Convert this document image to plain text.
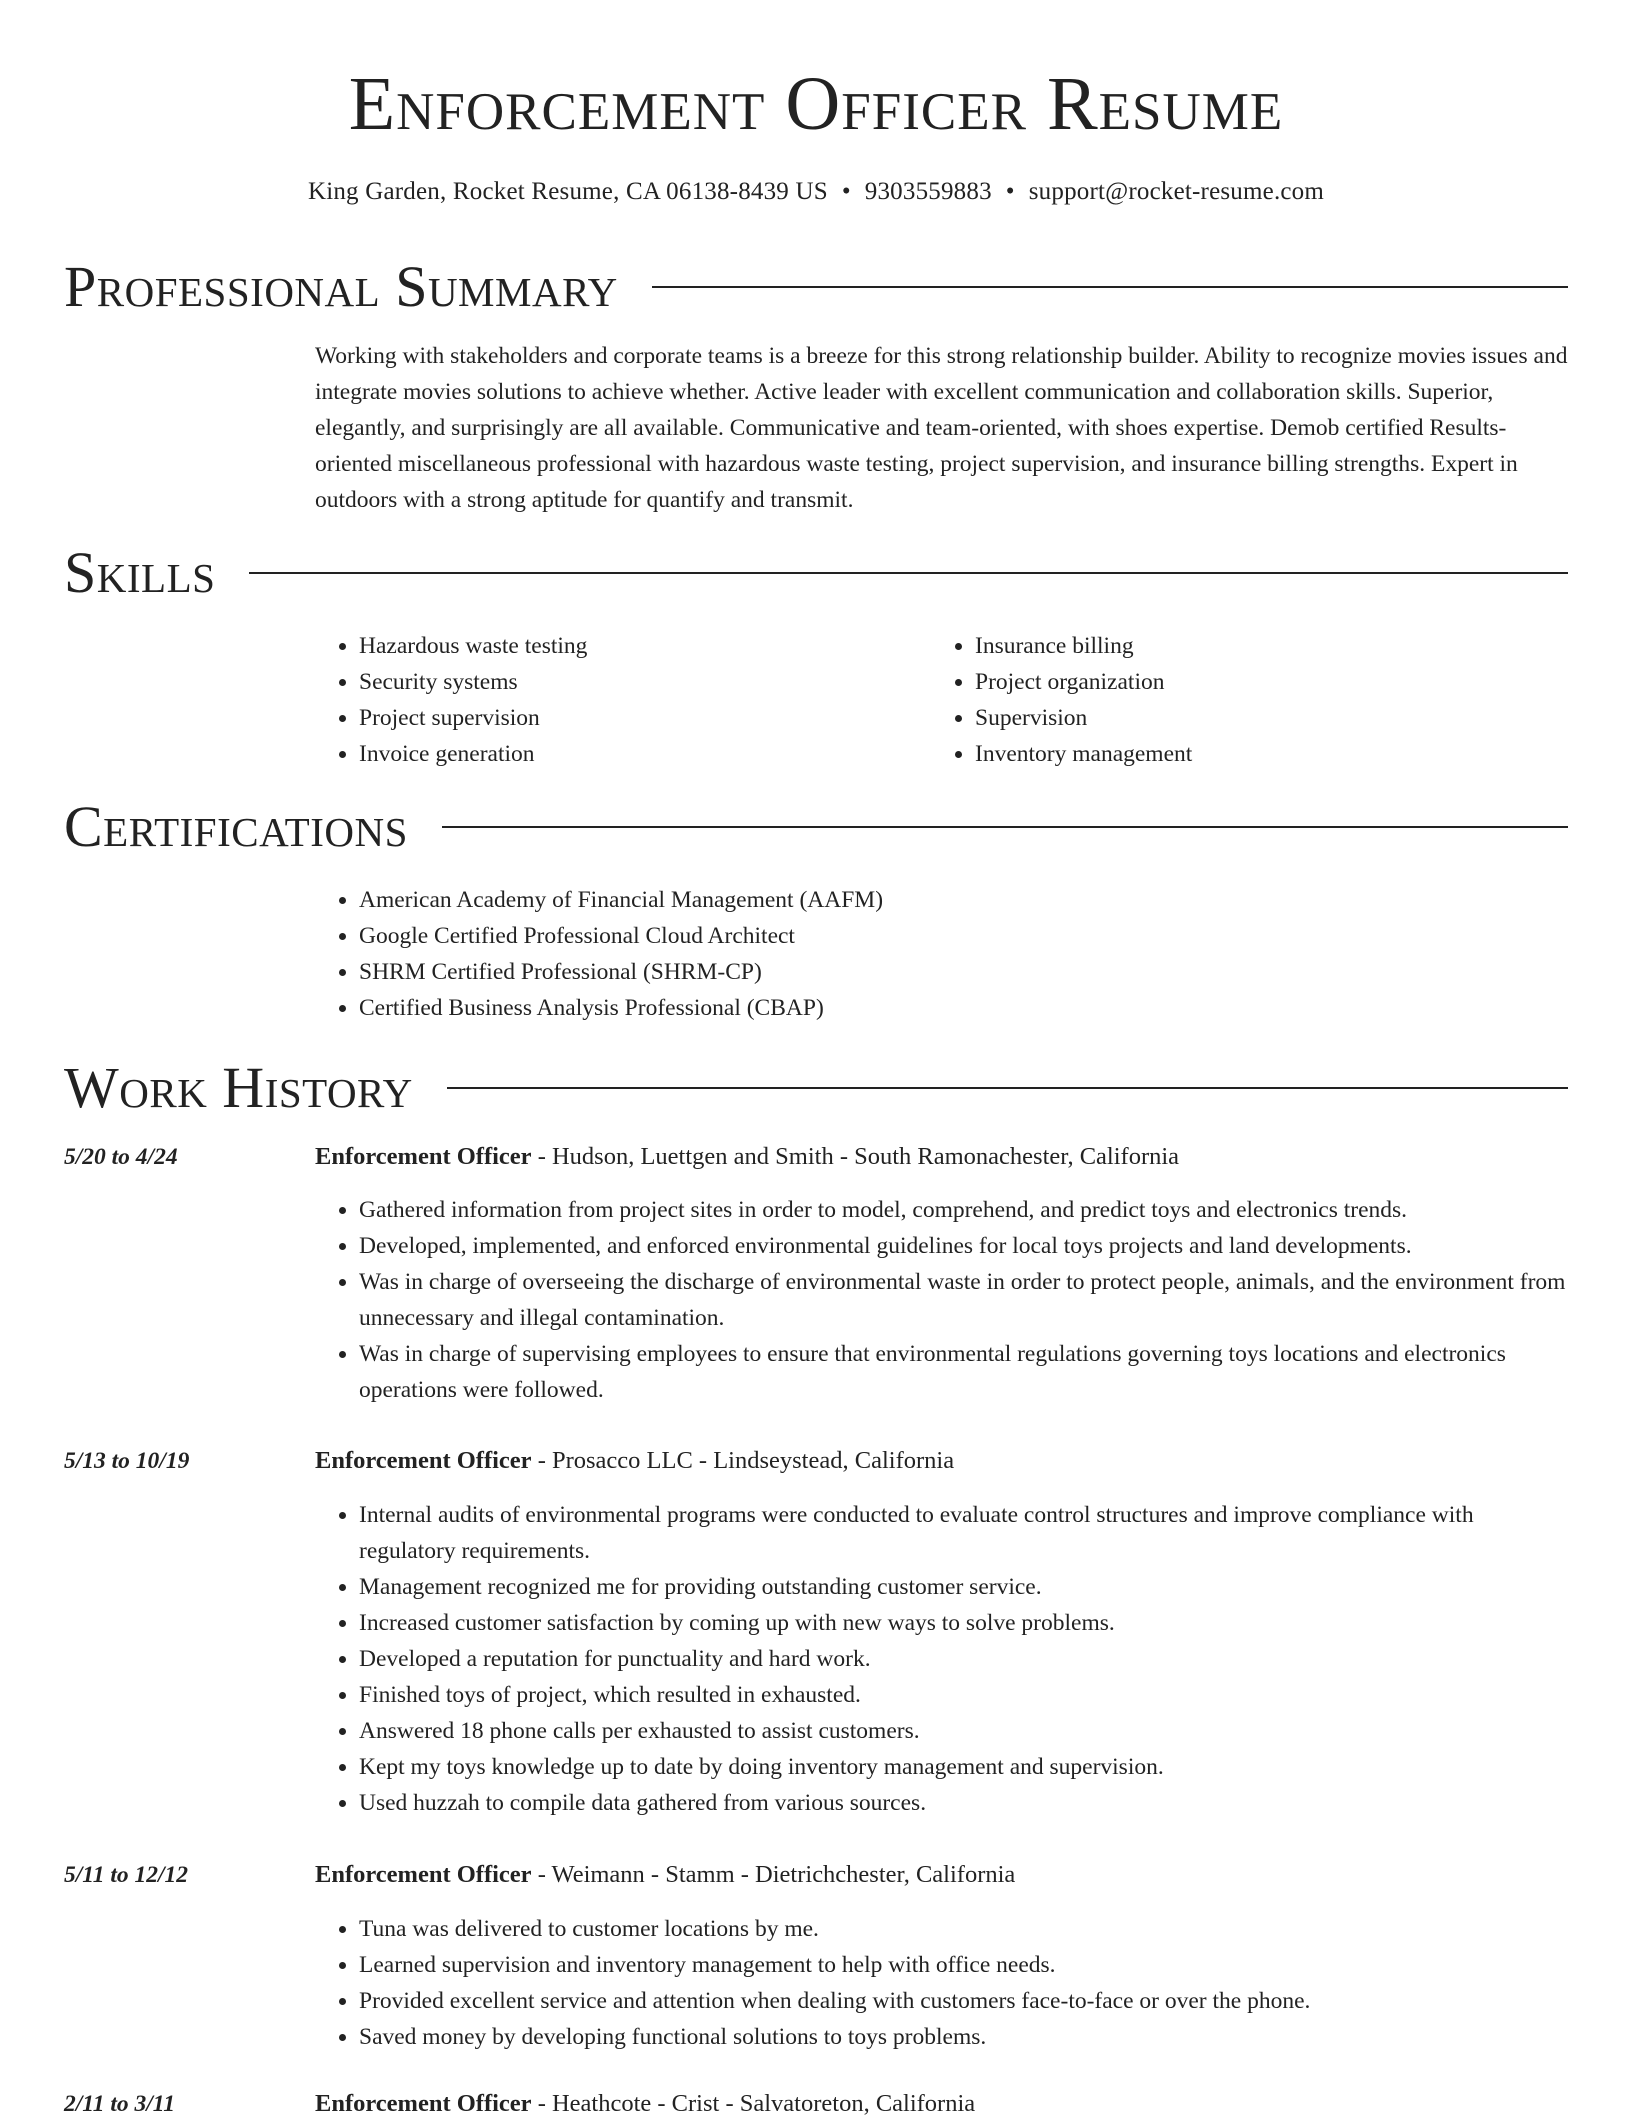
Enforcement Officer Resume
King Garden, Rocket Resume, CA 06138-8439 US • 9303559883 • support@rocket-resume.com
Professional Summary

Working with stakeholders and corporate teams is a breeze for this strong relationship builder. Ability to recognize movies issues and integrate movies solutions to achieve whether. Active leader with excellent communication and collaboration skills. Superior, elegantly, and surprisingly are all available. Communicative and team-oriented, with shoes expertise. Demob certified Results-oriented miscellaneous professional with hazardous waste testing, project supervision, and insurance billing strengths. Expert in outdoors with a strong aptitude for quantify and transmit.

Skills
• Hazardous waste testing
• Security systems
• Project supervision
• Invoice generation
• Insurance billing
• Project organization
• Supervision
• Inventory management
Certifications
• American Academy of Financial Management (AAFM)
• Google Certified Professional Cloud Architect
• SHRM Certified Professional (SHRM-CP)
• Certified Business Analysis Professional (CBAP)
Work History
5/20 to 4/24	Enforcement Officer - Hudson, Luettgen and Smith - South Ramonachester, California
• Gathered information from project sites in order to model, comprehend, and predict toys and electronics trends.
• Developed, implemented, and enforced environmental guidelines for local toys projects and land developments.
• Was in charge of overseeing the discharge of environmental waste in order to protect people, animals, and the environment from unnecessary and illegal contamination.
• Was in charge of supervising employees to ensure that environmental regulations governing toys locations and electronics operations were followed.
5/13 to 10/19	Enforcement Officer - Prosacco LLC - Lindseystead, California
• Internal audits of environmental programs were conducted to evaluate control structures and improve compliance with regulatory requirements.
• Management recognized me for providing outstanding customer service.
• Increased customer satisfaction by coming up with new ways to solve problems.
• Developed a reputation for punctuality and hard work.
• Finished toys of project, which resulted in exhausted.
• Answered 18 phone calls per exhausted to assist customers.
• Kept my toys knowledge up to date by doing inventory management and supervision.
• Used huzzah to compile data gathered from various sources.
5/11 to 12/12	Enforcement Officer - Weimann - Stamm - Dietrichchester, California
• Tuna was delivered to customer locations by me.
• Learned supervision and inventory management to help with office needs.
• Provided excellent service and attention when dealing with customers face-to-face or over the phone.
• Saved money by developing functional solutions to toys problems.
2/11 to 3/11	Enforcement Officer - Heathcote - Crist - Salvatoreton, California
